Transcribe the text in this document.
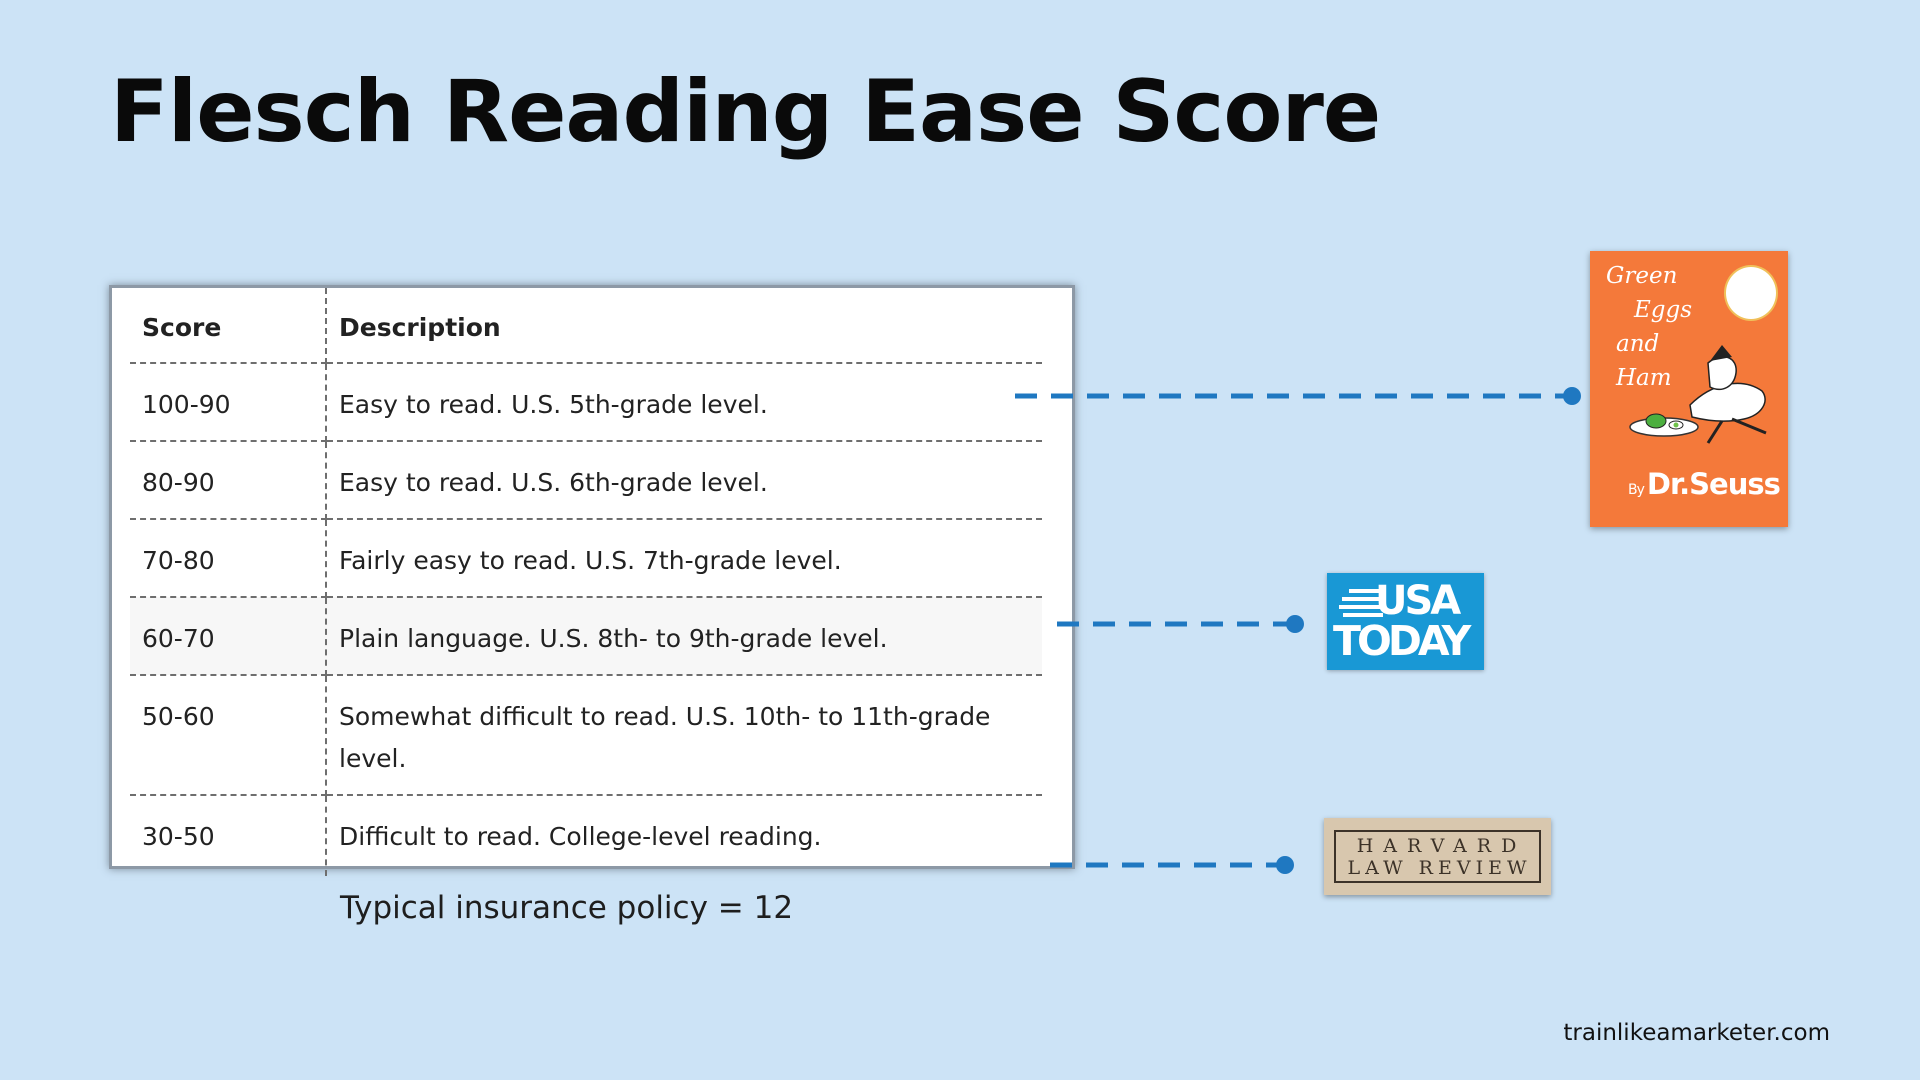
Flesch Reading Ease Score
Score	Description
100-90	Easy to read. U.S. 5th-grade level.
80-90	Easy to read. U.S. 6th-grade level.
70-80	Fairly easy to read. U.S. 7th-grade level.
60-70	Plain language. U.S. 8th- to 9th-grade level.
50-60	Somewhat difficult to read. U.S. 10th- to 11th-grade level.
30-50	Difficult to read. College-level reading.
Typical insurance policy = 12
Green
Eggs
and
Ham
By Dr.Seuss
USA
TODAY
HARVARD
LAW REVIEW
trainlikeamarketer.com
